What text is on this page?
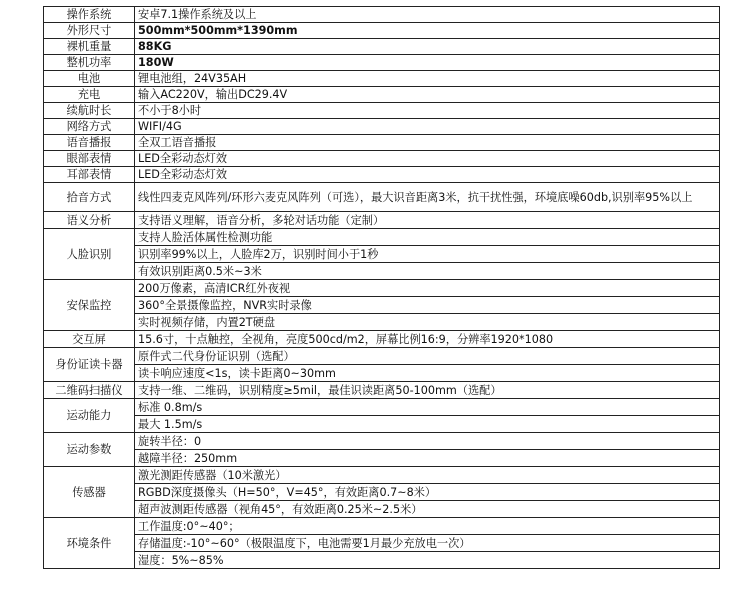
操作系统	安卓7.1操作系统及以上
外形尺寸	500mm*500mm*1390mm
裸机重量	88KG
整机功率	180W
电池	锂电池组，24V35AH
充电	输入AC220V，输出DC29.4V
续航时长	不小于8小时
网络方式	WIFI/4G
语音播报	全双工语音播报
眼部表情	LED全彩动态灯效
耳部表情	LED全彩动态灯效
拾音方式	线性四麦克风阵列/环形六麦克风阵列（可选），最大识音距离3米，抗干扰性强，环境底噪60db,识别率95%以上
语义分析	支持语义理解，语音分析，多轮对话功能（定制）
人脸识别	支持人脸活体属性检测功能
	识别率99%以上，人脸库2万，识别时间小于1秒
	有效识别距离0.5米~3米
安保监控	200万像素，高清ICR红外夜视
	360°全景摄像监控，NVR实时录像
	实时视频存储，内置2T硬盘
交互屏	15.6寸，十点触控，全视角，亮度500cd/m2，屏幕比例16:9，分辨率1920*1080
身份证读卡器	原件式二代身份证识别（选配）
	读卡响应速度<1s，读卡距离0~30mm
二维码扫描仪	支持一维、二维码，识别精度≥5mil，最佳识读距离50-100mm（选配）
运动能力	标准 0.8m/s
	最大 1.5m/s
运动参数	旋转半径：0
	越障半径：250mm
传感器	激光测距传感器（10米激光）
	RGBD深度摄像头（H=50°，V=45°，有效距离0.7~8米）
	超声波测距传感器（视角45°，有效距离0.25米~2.5米）
环境条件	工作温度:0°~40°；
	存储温度:-10°~60°（极限温度下，电池需要1月最少充放电一次）
	湿度：5%~85%
